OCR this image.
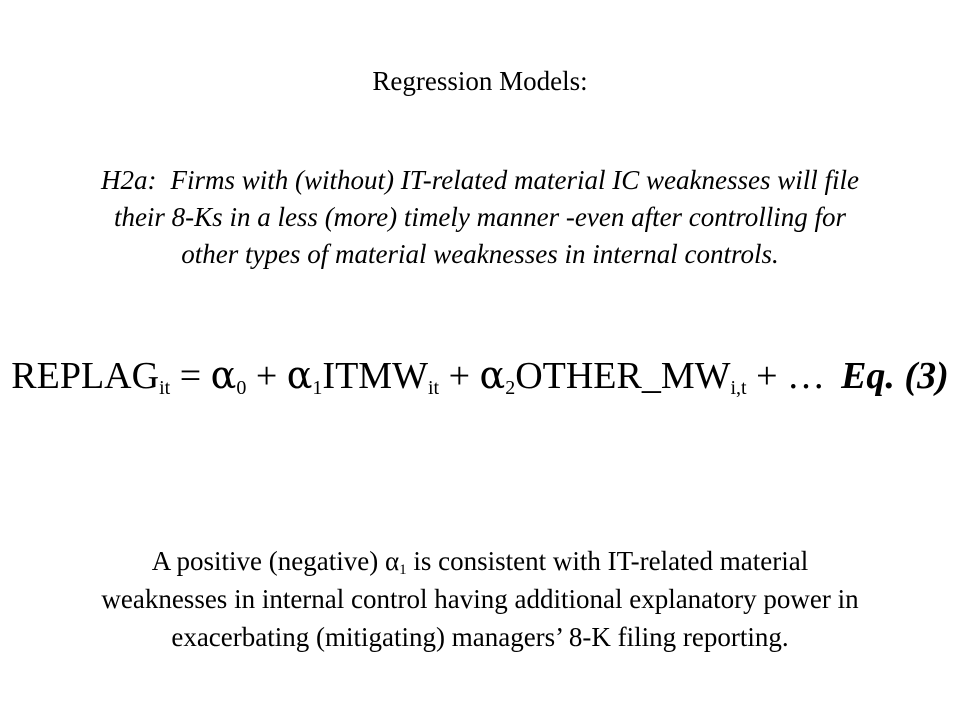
Regression Models:
H2a: Firms with (without) IT-related material IC weaknesses will file
their 8-Ks in a less (more) timely manner -even after controlling for
other types of material weaknesses in internal controls.
$REPLAG_{it} = \alpha_0$ + $\alpha_1ITMW_{it}$ + $\alpha_2OTHER\_MW_{i,t}$ + … Eq. (3)
A positive (negative) $\alpha_1$ is consistent with IT-related material
weaknesses in internal control having additional explanatory power in
exacerbating (mitigating) managers’ 8-K filing reporting.
